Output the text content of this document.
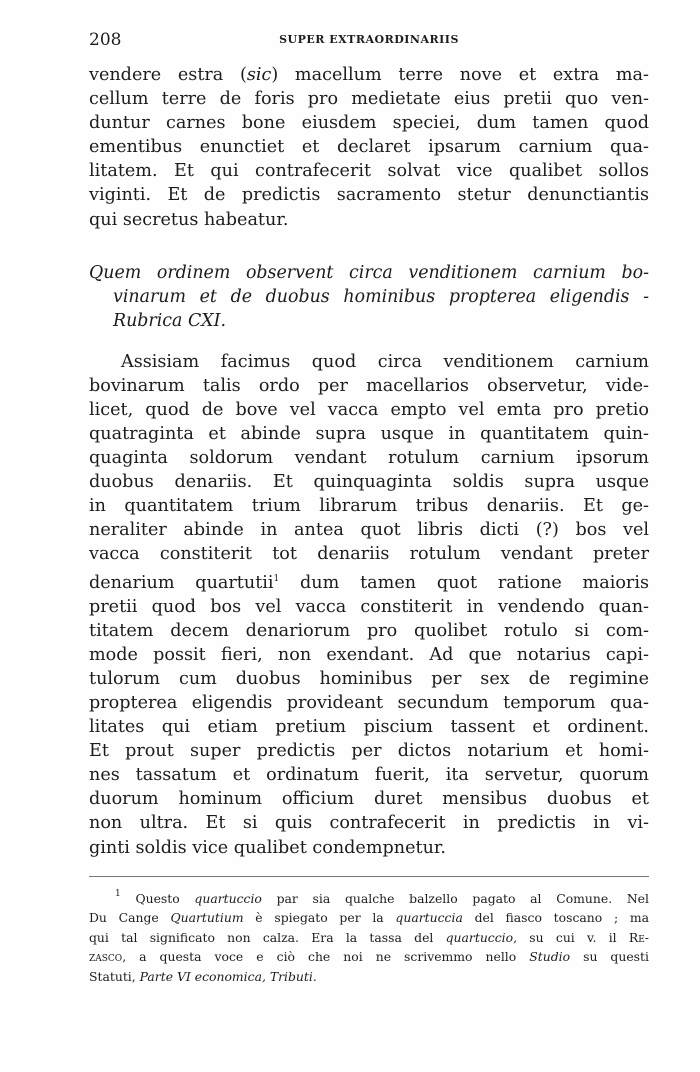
208	SUPER EXTRAORDINARIIS
vendere estra (sic) macellum terre nove et extra ma-
cellum terre de foris pro medietate eius pretii quo ven-
duntur carnes bone eiusdem speciei, dum tamen quod
ementibus enunctiet et declaret ipsarum carnium qua-
litatem. Et qui contrafecerit solvat vice qualibet sollos
viginti. Et de predictis sacramento stetur denunctiantis
qui secretus habeatur.
Quem ordinem observent circa venditionem carnium bo-
vinarum et de duobus hominibus propterea eligendis -
Rubrica CXI.
Assisiam facimus quod circa venditionem carnium
bovinarum talis ordo per macellarios observetur, vide-
licet, quod de bove vel vacca empto vel emta pro pretio
quatraginta et abinde supra usque in quantitatem quin-
quaginta soldorum vendant rotulum carnium ipsorum
duobus denariis. Et quinquaginta soldis supra usque
in quantitatem trium librarum tribus denariis. Et ge-
neraliter abinde in antea quot libris dicti (?) bos vel
vacca constiterit tot denariis rotulum vendant preter
denarium quartutii$^1$ dum tamen quot ratione maioris
pretii quod bos vel vacca constiterit in vendendo quan-
titatem decem denariorum pro quolibet rotulo si com-
mode possit fieri, non exendant. Ad que notarius capi-
tulorum cum duobus hominibus per sex de regimine
propterea eligendis provideant secundum temporum qua-
litates qui etiam pretium piscium tassent et ordinent.
Et prout super predictis per dictos notarium et homi-
nes tassatum et ordinatum fuerit, ita servetur, quorum
duorum hominum officium duret mensibus duobus et
non ultra. Et si quis contrafecerit in predictis in vi-
ginti soldis vice qualibet condempnetur.
$^1$ Questo quartuccio par sia qualche balzello pagato al Comune. Nel
Du Cange Quartutium è spiegato per la quartuccia del fiasco toscano ; ma
qui tal significato non calza. Era la tassa del quartuccio, su cui v. il Re-
zasco, a questa voce e ciò che noi ne scrivemmo nello Studio su questi
Statuti, Parte VI economica, Tributi.
